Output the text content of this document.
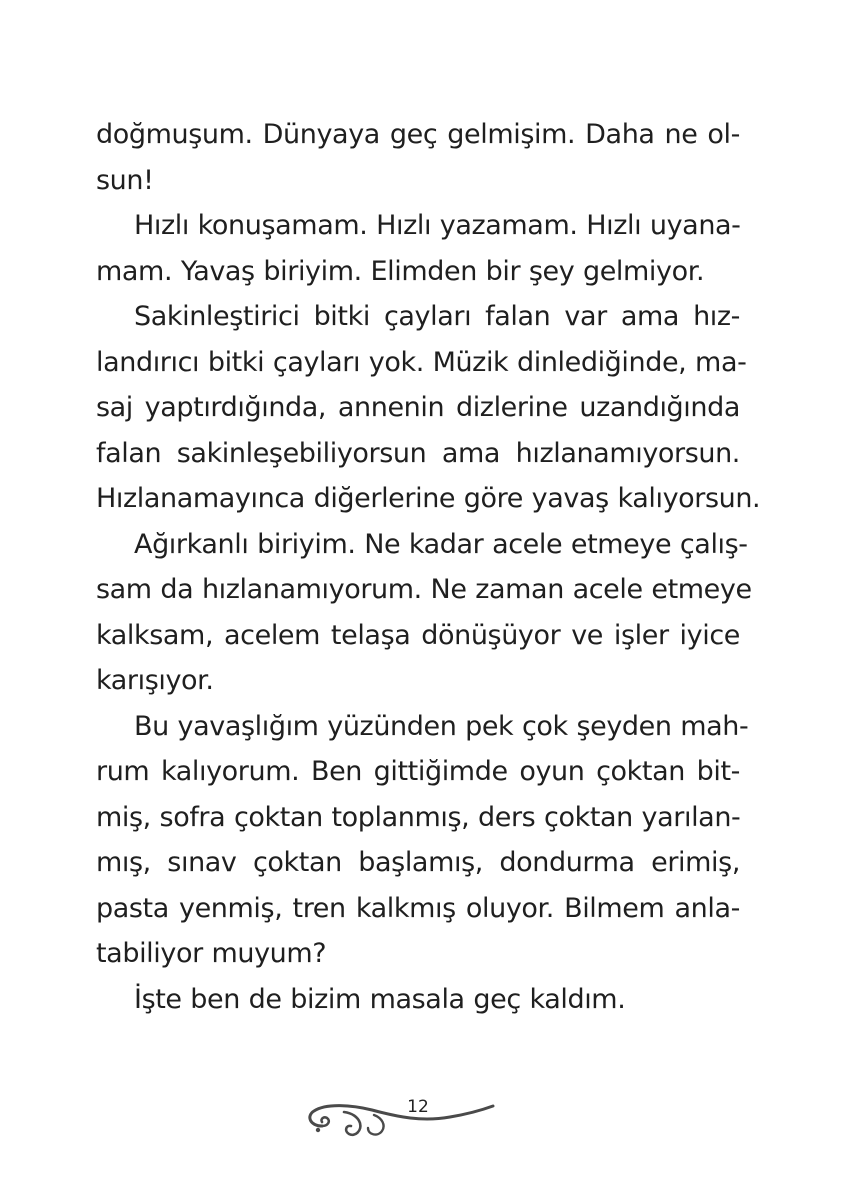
doğmuşum. Dünyaya geç gelmişim. Daha ne ol-
sun!
Hızlı konuşamam. Hızlı yazamam. Hızlı uyana-
mam. Yavaş biriyim. Elimden bir şey gelmiyor.
Sakinleştirici bitki çayları falan var ama hız-
landırıcı bitki çayları yok. Müzik dinlediğinde, ma-
saj yaptırdığında, annenin dizlerine uzandığında
falan sakinleşebiliyorsun ama hızlanamıyorsun.
Hızlanamayınca diğerlerine göre yavaş kalıyorsun.
Ağırkanlı biriyim. Ne kadar acele etmeye çalış-
sam da hızlanamıyorum. Ne zaman acele etmeye
kalksam, acelem telaşa dönüşüyor ve işler iyice
karışıyor.
Bu yavaşlığım yüzünden pek çok şeyden mah-
rum kalıyorum. Ben gittiğimde oyun çoktan bit-
miş, sofra çoktan toplanmış, ders çoktan yarılan-
mış, sınav çoktan başlamış, dondurma erimiş,
pasta yenmiş, tren kalkmış oluyor. Bilmem anla-
tabiliyor muyum?
İşte ben de bizim masala geç kaldım.
12
